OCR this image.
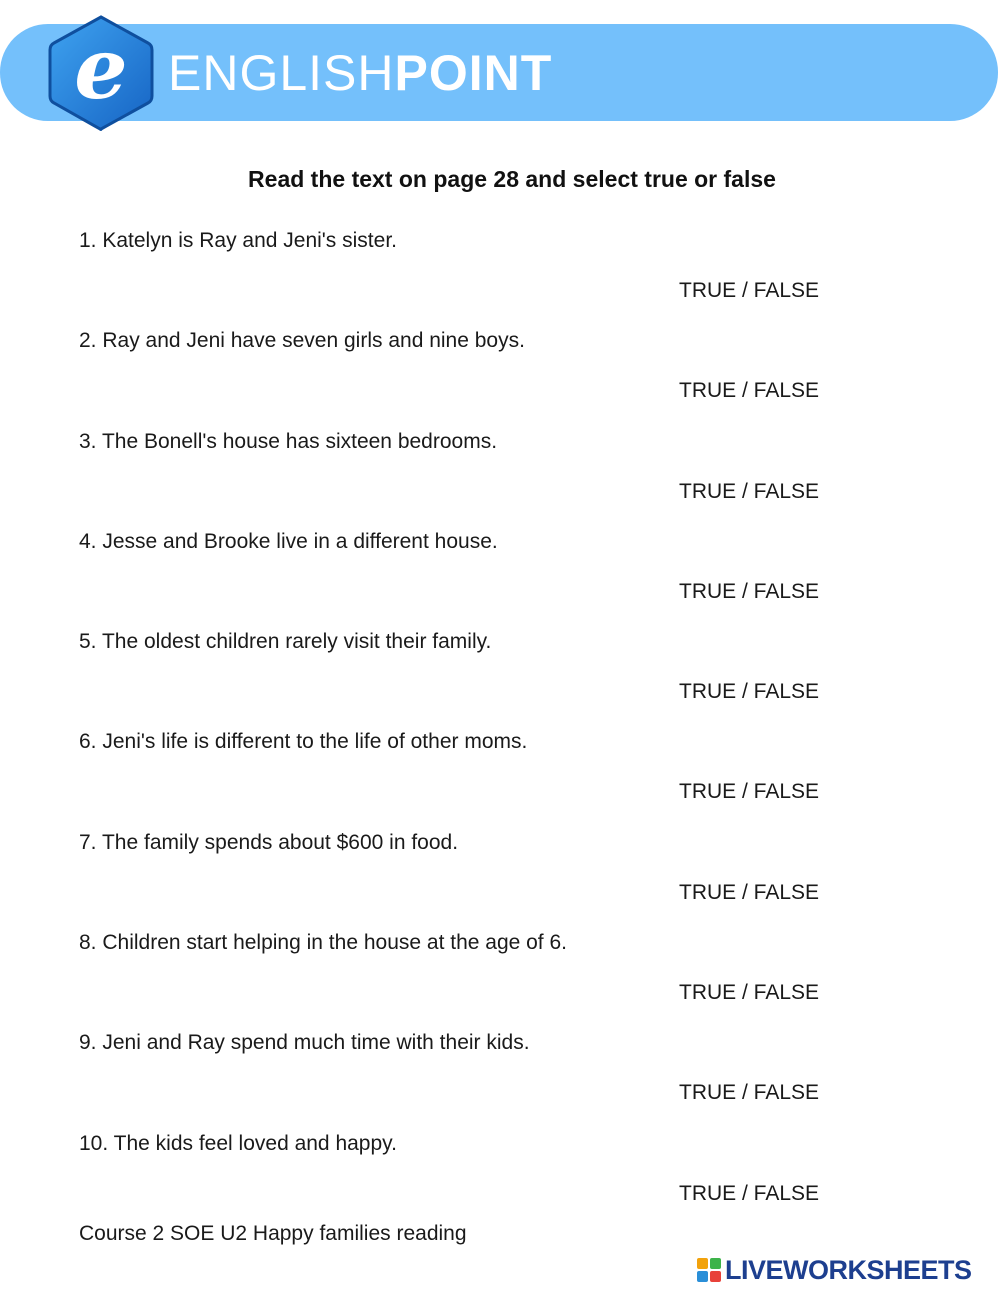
e ENGLISHPOINT
Read the text on page 28 and select true or false
1. Katelyn is Ray and Jeni's sister.
TRUE / FALSE
2. Ray and Jeni have seven girls and nine boys.
TRUE / FALSE
3. The Bonell's house has sixteen bedrooms.
TRUE / FALSE
4. Jesse and Brooke live in a different house.
TRUE / FALSE
5. The oldest children rarely visit their family.
TRUE / FALSE
6. Jeni's life is different to the life of other moms.
TRUE / FALSE
7. The family spends about $600 in food.
TRUE / FALSE
8. Children start helping in the house at the age of 6.
TRUE / FALSE
9. Jeni and Ray spend much time with their kids.
TRUE / FALSE
10. The kids feel loved and happy.
TRUE / FALSE
Course 2 SOE U2 Happy families reading
LIVEWORKSHEETS
